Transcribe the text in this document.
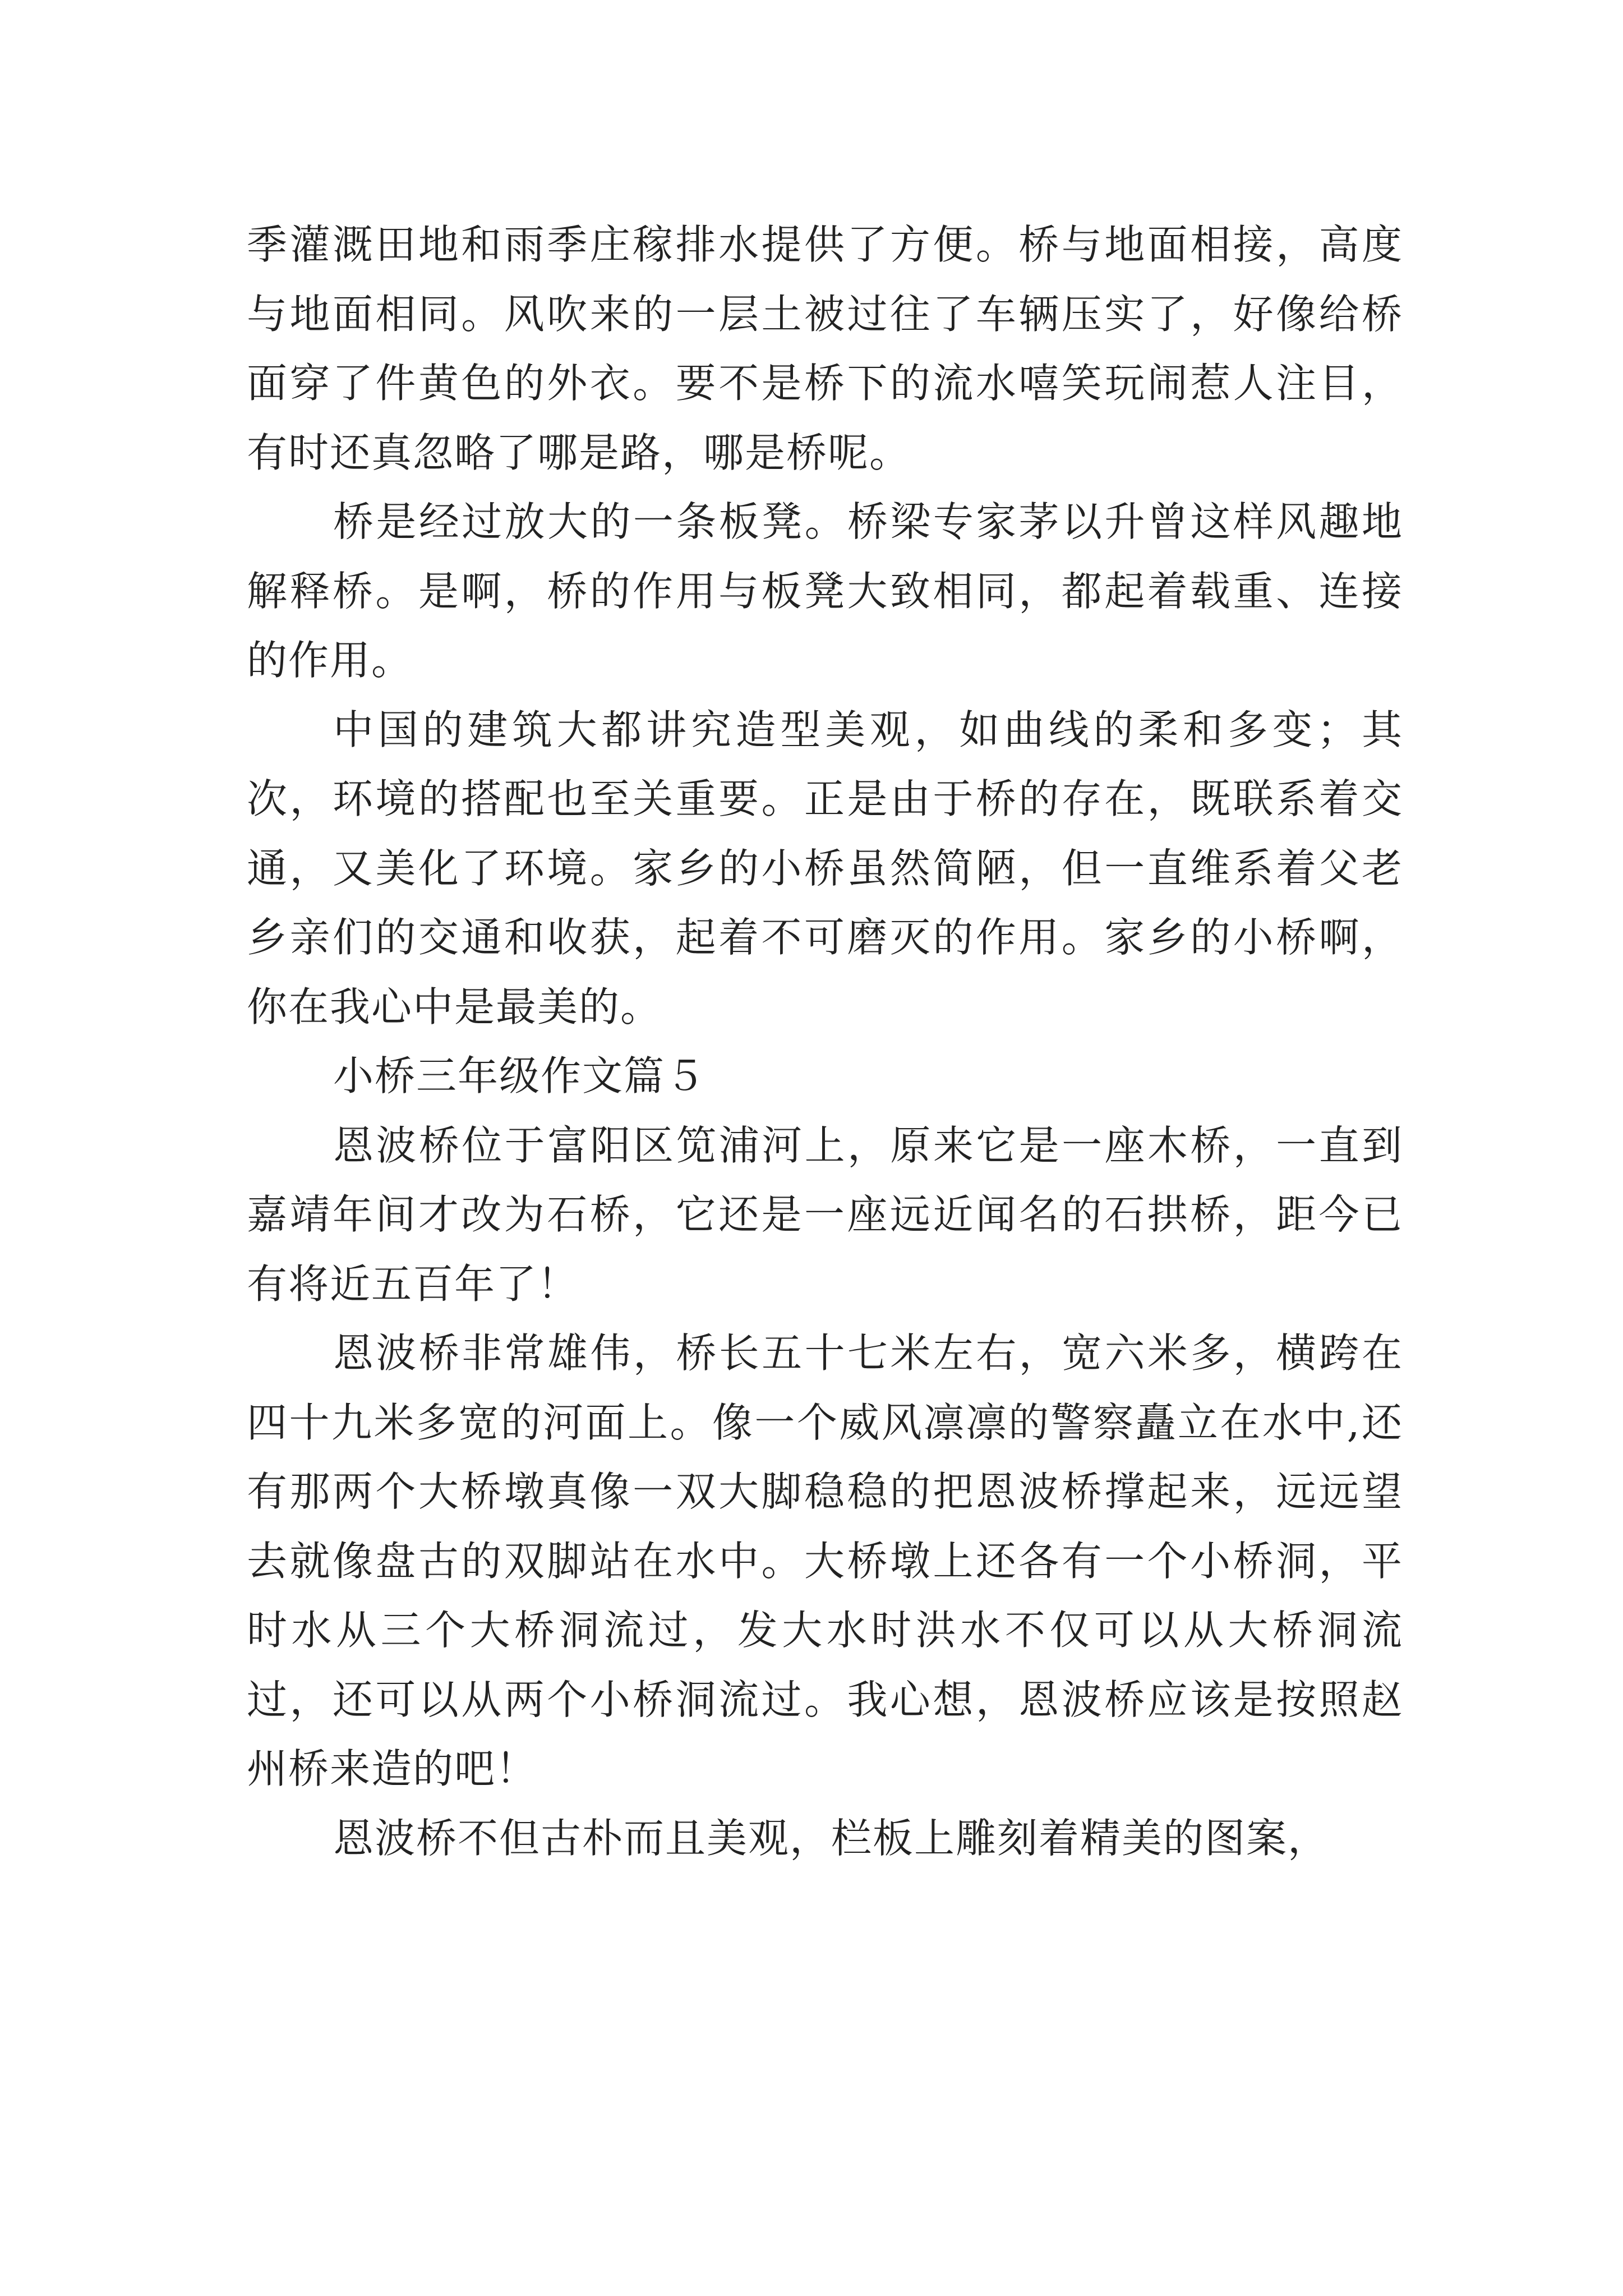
季灌溉田地和雨季庄稼排水提供了方便。桥与地面相接，高度与地面相同。风吹来的一层土被过往了车辆压实了，好像给桥面穿了件黄色的外衣。要不是桥下的流水嘻笑玩闹惹人注目，有时还真忽略了哪是路，哪是桥呢。

桥是经过放大的一条板凳。桥梁专家茅以升曾这样风趣地解释桥。是啊，桥的作用与板凳大致相同，都起着载重、连接的作用。

中国的建筑大都讲究造型美观，如曲线的柔和多变；其次，环境的搭配也至关重要。正是由于桥的存在，既联系着交通，又美化了环境。家乡的小桥虽然简陋，但一直维系着父老乡亲们的交通和收获，起着不可磨灭的作用。家乡的小桥啊，你在我心中是最美的。

小桥三年级作文篇５

恩波桥位于富阳区笕浦河上，原来它是一座木桥，一直到嘉靖年间才改为石桥，它还是一座远近闻名的石拱桥，距今已有将近五百年了！

恩波桥非常雄伟，桥长五十七米左右，宽六米多，横跨在四十九米多宽的河面上。像一个威风凛凛的警察矗立在水中,还有那两个大桥墩真像一双大脚稳稳的把恩波桥撑起来，远远望去就像盘古的双脚站在水中。大桥墩上还各有一个小桥洞，平时水从三个大桥洞流过，发大水时洪水不仅可以从大桥洞流过，还可以从两个小桥洞流过。我心想，恩波桥应该是按照赵州桥来造的吧！

恩波桥不但古朴而且美观，栏板上雕刻着精美的图案，
